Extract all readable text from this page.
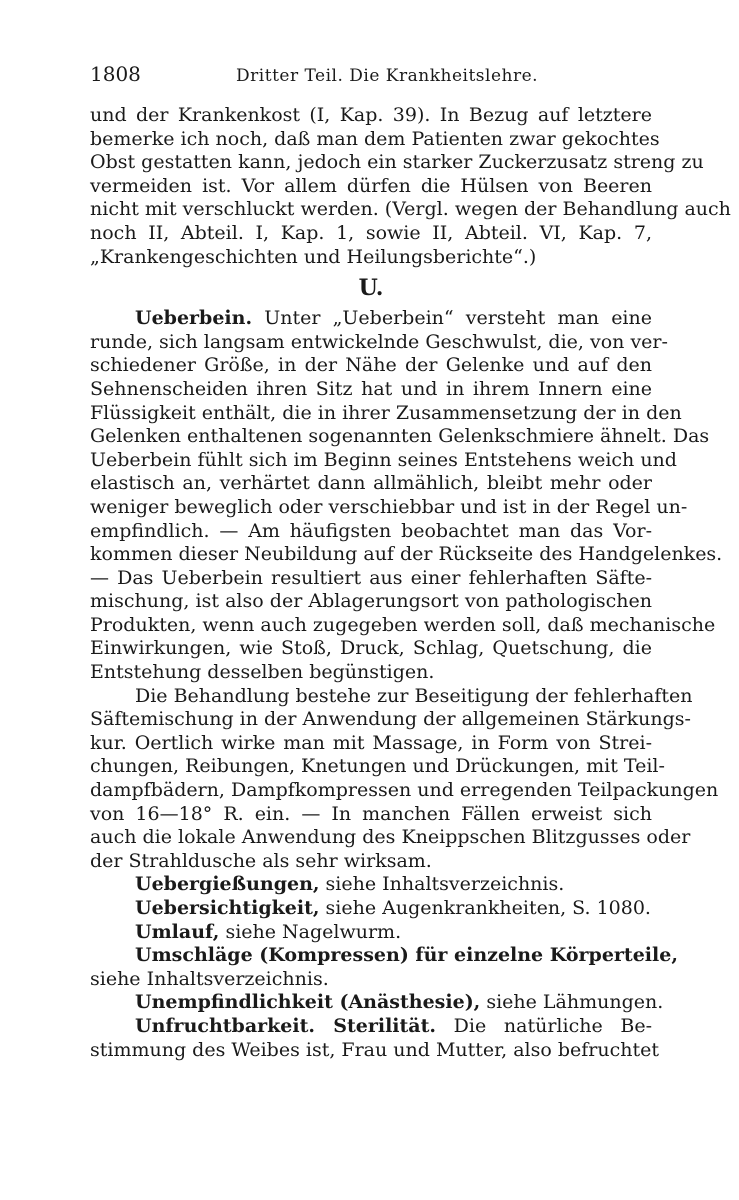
1808	Dritter Teil. Die Krankheitslehre.
und der Krankenkost (I, Kap. 39). In Bezug auf letztere
bemerke ich noch, daß man dem Patienten zwar gekochtes
Obst gestatten kann, jedoch ein starker Zuckerzusatz streng zu
vermeiden ist. Vor allem dürfen die Hülsen von Beeren
nicht mit verschluckt werden. (Vergl. wegen der Behandlung auch
noch II, Abteil. I, Kap. 1, sowie II, Abteil. VI, Kap. 7,
„Krankengeschichten und Heilungsberichte“.)
U.
Ueberbein. Unter „Ueberbein“ versteht man eine
runde, sich langsam entwickelnde Geschwulst, die, von ver-
schiedener Größe, in der Nähe der Gelenke und auf den
Sehnenscheiden ihren Sitz hat und in ihrem Innern eine
Flüssigkeit enthält, die in ihrer Zusammensetzung der in den
Gelenken enthaltenen sogenannten Gelenkschmiere ähnelt. Das
Ueberbein fühlt sich im Beginn seines Entstehens weich und
elastisch an, verhärtet dann allmählich, bleibt mehr oder
weniger beweglich oder verschiebbar und ist in der Regel un-
empfindlich. — Am häufigsten beobachtet man das Vor-
kommen dieser Neubildung auf der Rückseite des Handgelenkes.
— Das Ueberbein resultiert aus einer fehlerhaften Säfte-
mischung, ist also der Ablagerungsort von pathologischen
Produkten, wenn auch zugegeben werden soll, daß mechanische
Einwirkungen, wie Stoß, Druck, Schlag, Quetschung, die
Entstehung desselben begünstigen.
Die Behandlung bestehe zur Beseitigung der fehlerhaften
Säftemischung in der Anwendung der allgemeinen Stärkungs-
kur. Oertlich wirke man mit Massage, in Form von Strei-
chungen, Reibungen, Knetungen und Drückungen, mit Teil-
dampfbädern, Dampfkompressen und erregenden Teilpackungen
von 16—18° R. ein. — In manchen Fällen erweist sich
auch die lokale Anwendung des Kneippschen Blitzgusses oder
der Strahldusche als sehr wirksam.
Uebergießungen, siehe Inhaltsverzeichnis.
Uebersichtigkeit, siehe Augenkrankheiten, S. 1080.
Umlauf, siehe Nagelwurm.
Umschläge (Kompressen) für einzelne Körperteile,
siehe Inhaltsverzeichnis.
Unempfindlichkeit (Anästhesie), siehe Lähmungen.
Unfruchtbarkeit. Sterilität. Die natürliche Be-
stimmung des Weibes ist, Frau und Mutter, also befruchtet
